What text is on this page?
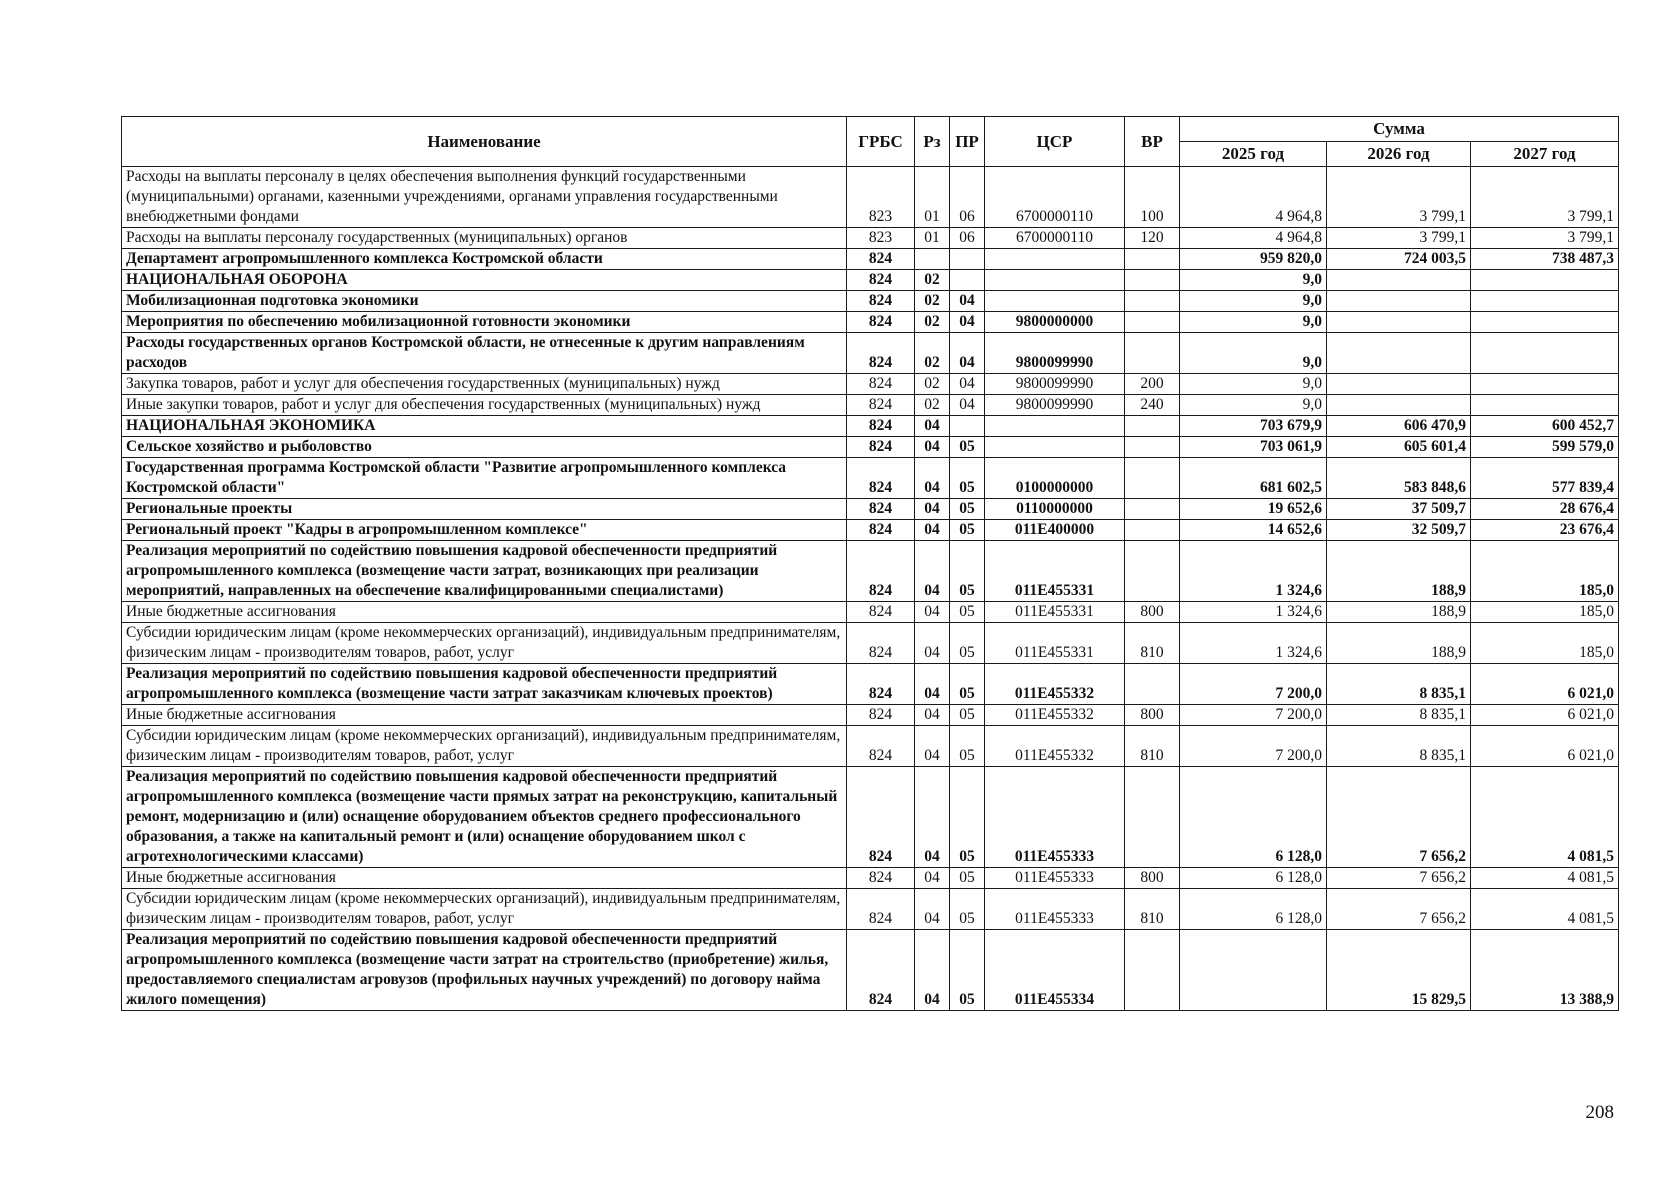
Наименование	ГРБС	Рз	ПР	ЦСР	ВР	Сумма		
						2025 год	2026 год	2027 год
Расходы на выплаты персоналу в целях обеспечения выполнения функций государственными (муниципальными) органами, казенными учреждениями, органами управления государственными внебюджетными фондами	823	01	06	6700000110	100	4 964,8	3 799,1	3 799,1
Расходы на выплаты персоналу государственных (муниципальных) органов	823	01	06	6700000110	120	4 964,8	3 799,1	3 799,1
Департамент агропромышленного комплекса Костромской области	824					959 820,0	724 003,5	738 487,3
НАЦИОНАЛЬНАЯ ОБОРОНА	824	02				9,0		
Мобилизационная подготовка экономики	824	02	04			9,0		
Мероприятия по обеспечению мобилизационной готовности экономики	824	02	04	9800000000		9,0		
Расходы государственных органов Костромской области, не отнесенные к другим направлениям расходов	824	02	04	9800099990		9,0		
Закупка товаров, работ и услуг для обеспечения государственных (муниципальных) нужд	824	02	04	9800099990	200	9,0		
Иные закупки товаров, работ и услуг для обеспечения государственных (муниципальных) нужд	824	02	04	9800099990	240	9,0		
НАЦИОНАЛЬНАЯ ЭКОНОМИКА	824	04				703 679,9	606 470,9	600 452,7
Сельское хозяйство и рыболовство	824	04	05			703 061,9	605 601,4	599 579,0
Государственная программа Костромской области "Развитие агропромышленного комплекса Костромской области"	824	04	05	0100000000		681 602,5	583 848,6	577 839,4
Региональные проекты	824	04	05	0110000000		19 652,6	37 509,7	28 676,4
Региональный проект "Кадры в агропромышленном комплексе"	824	04	05	011E400000		14 652,6	32 509,7	23 676,4
Реализация мероприятий по содействию повышения кадровой обеспеченности предприятий агропромышленного комплекса (возмещение части затрат, возникающих при реализации мероприятий, направленных на обеспечение квалифицированными специалистами)	824	04	05	011E455331		1 324,6	188,9	185,0
Иные бюджетные ассигнования	824	04	05	011E455331	800	1 324,6	188,9	185,0
Субсидии юридическим лицам (кроме некоммерческих организаций), индивидуальным предпринимателям, физическим лицам - производителям товаров, работ, услуг	824	04	05	011E455331	810	1 324,6	188,9	185,0
Реализация мероприятий по содействию повышения кадровой обеспеченности предприятий агропромышленного комплекса (возмещение части затрат заказчикам ключевых проектов)	824	04	05	011E455332		7 200,0	8 835,1	6 021,0
Иные бюджетные ассигнования	824	04	05	011E455332	800	7 200,0	8 835,1	6 021,0
Субсидии юридическим лицам (кроме некоммерческих организаций), индивидуальным предпринимателям, физическим лицам - производителям товаров, работ, услуг	824	04	05	011E455332	810	7 200,0	8 835,1	6 021,0
Реализация мероприятий по содействию повышения кадровой обеспеченности предприятий агропромышленного комплекса (возмещение части прямых затрат на реконструкцию, капитальный ремонт, модернизацию и (или) оснащение оборудованием объектов среднего профессионального образования, а также на капитальный ремонт и (или) оснащение оборудованием школ с агротехнологическими классами)	824	04	05	011E455333		6 128,0	7 656,2	4 081,5
Иные бюджетные ассигнования	824	04	05	011E455333	800	6 128,0	7 656,2	4 081,5
Субсидии юридическим лицам (кроме некоммерческих организаций), индивидуальным предпринимателям, физическим лицам - производителям товаров, работ, услуг	824	04	05	011E455333	810	6 128,0	7 656,2	4 081,5
Реализация мероприятий по содействию повышения кадровой обеспеченности предприятий агропромышленного комплекса (возмещение части затрат на строительство (приобретение) жилья, предоставляемого специалистам агровузов (профильных научных учреждений) по договору найма жилого помещения)	824	04	05	011E455334			15 829,5	13 388,9
208
